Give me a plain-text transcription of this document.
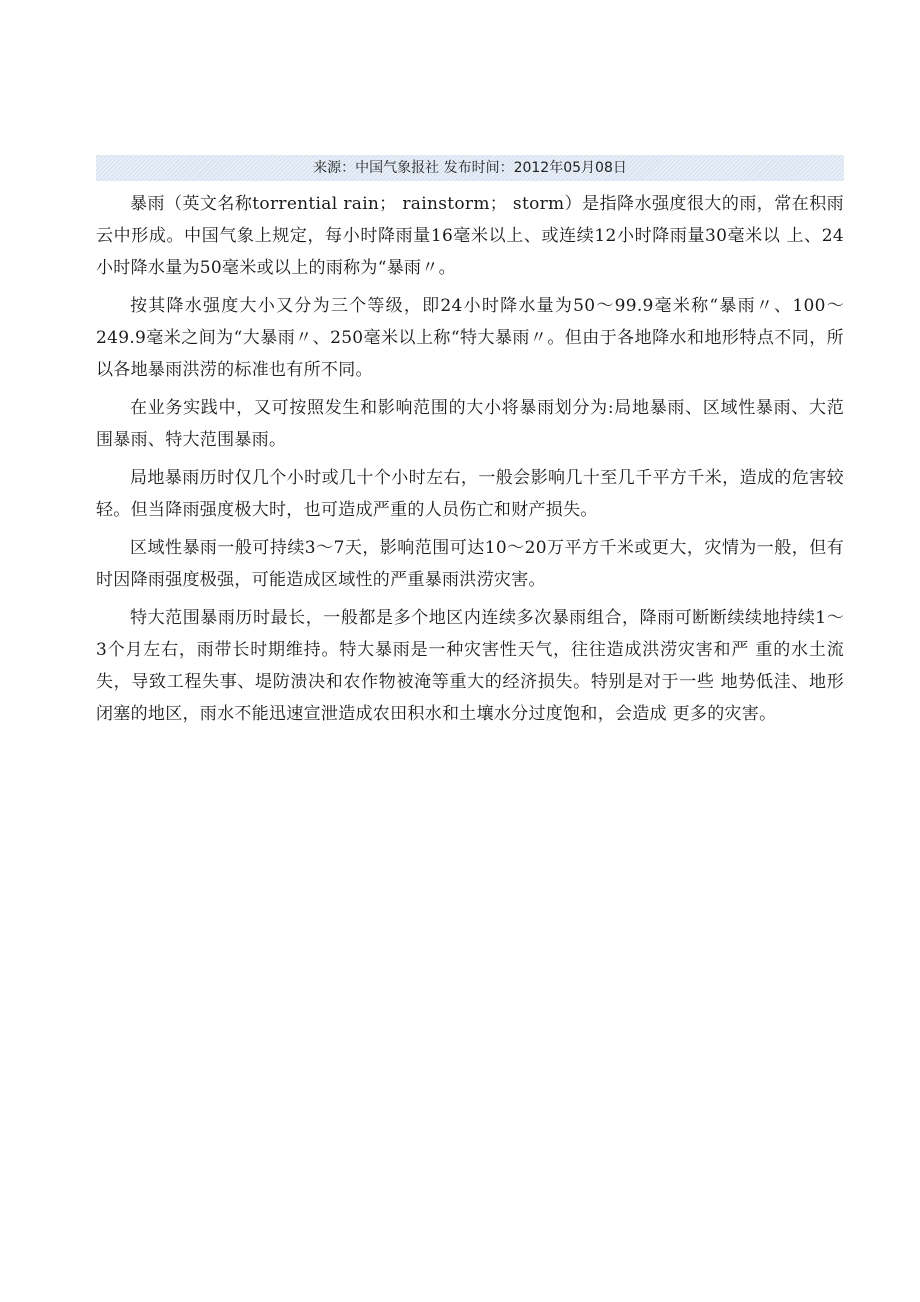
来源：中国气象报社 发布时间：2012年05月08日

暴雨（英文名称torrential rain； rainstorm； storm）是指降水强度很大的雨，常在积雨云中形成。中国气象上规定，每小时降雨量16毫米以上、或连续12小时降雨量30毫米以 上、24小时降水量为50毫米或以上的雨称为“暴雨〃。

按其降水强度大小又分为三个等级，即24小时降水量为50〜99.9毫米称“暴雨〃、100〜249.9毫米之间为“大暴雨〃、250毫米以上称“特大暴雨〃。但由于各地降水和地形特点不同，所以各地暴雨洪涝的标准也有所不同。

在业务实践中，又可按照发生和影响范围的大小将暴雨划分为:局地暴雨、区域性暴雨、大范围暴雨、特大范围暴雨。

局地暴雨历时仅几个小时或几十个小时左右，一般会影响几十至几千平方千米，造成的危害较轻。但当降雨强度极大时，也可造成严重的人员伤亡和财产损失。

区域性暴雨一般可持续3〜7天，影响范围可达10〜20万平方千米或更大，灾情为一般，但有时因降雨强度极强，可能造成区域性的严重暴雨洪涝灾害。

特大范围暴雨历时最长，一般都是多个地区内连续多次暴雨组合，降雨可断断续续地持续1〜3个月左右，雨带长时期维持。特大暴雨是一种灾害性天气，往往造成洪涝灾害和严 重的水土流失，导致工程失事、堤防溃决和农作物被淹等重大的经济损失。特别是对于一些 地势低洼、地形闭塞的地区，雨水不能迅速宣泄造成农田积水和土壤水分过度饱和，会造成 更多的灾害。
